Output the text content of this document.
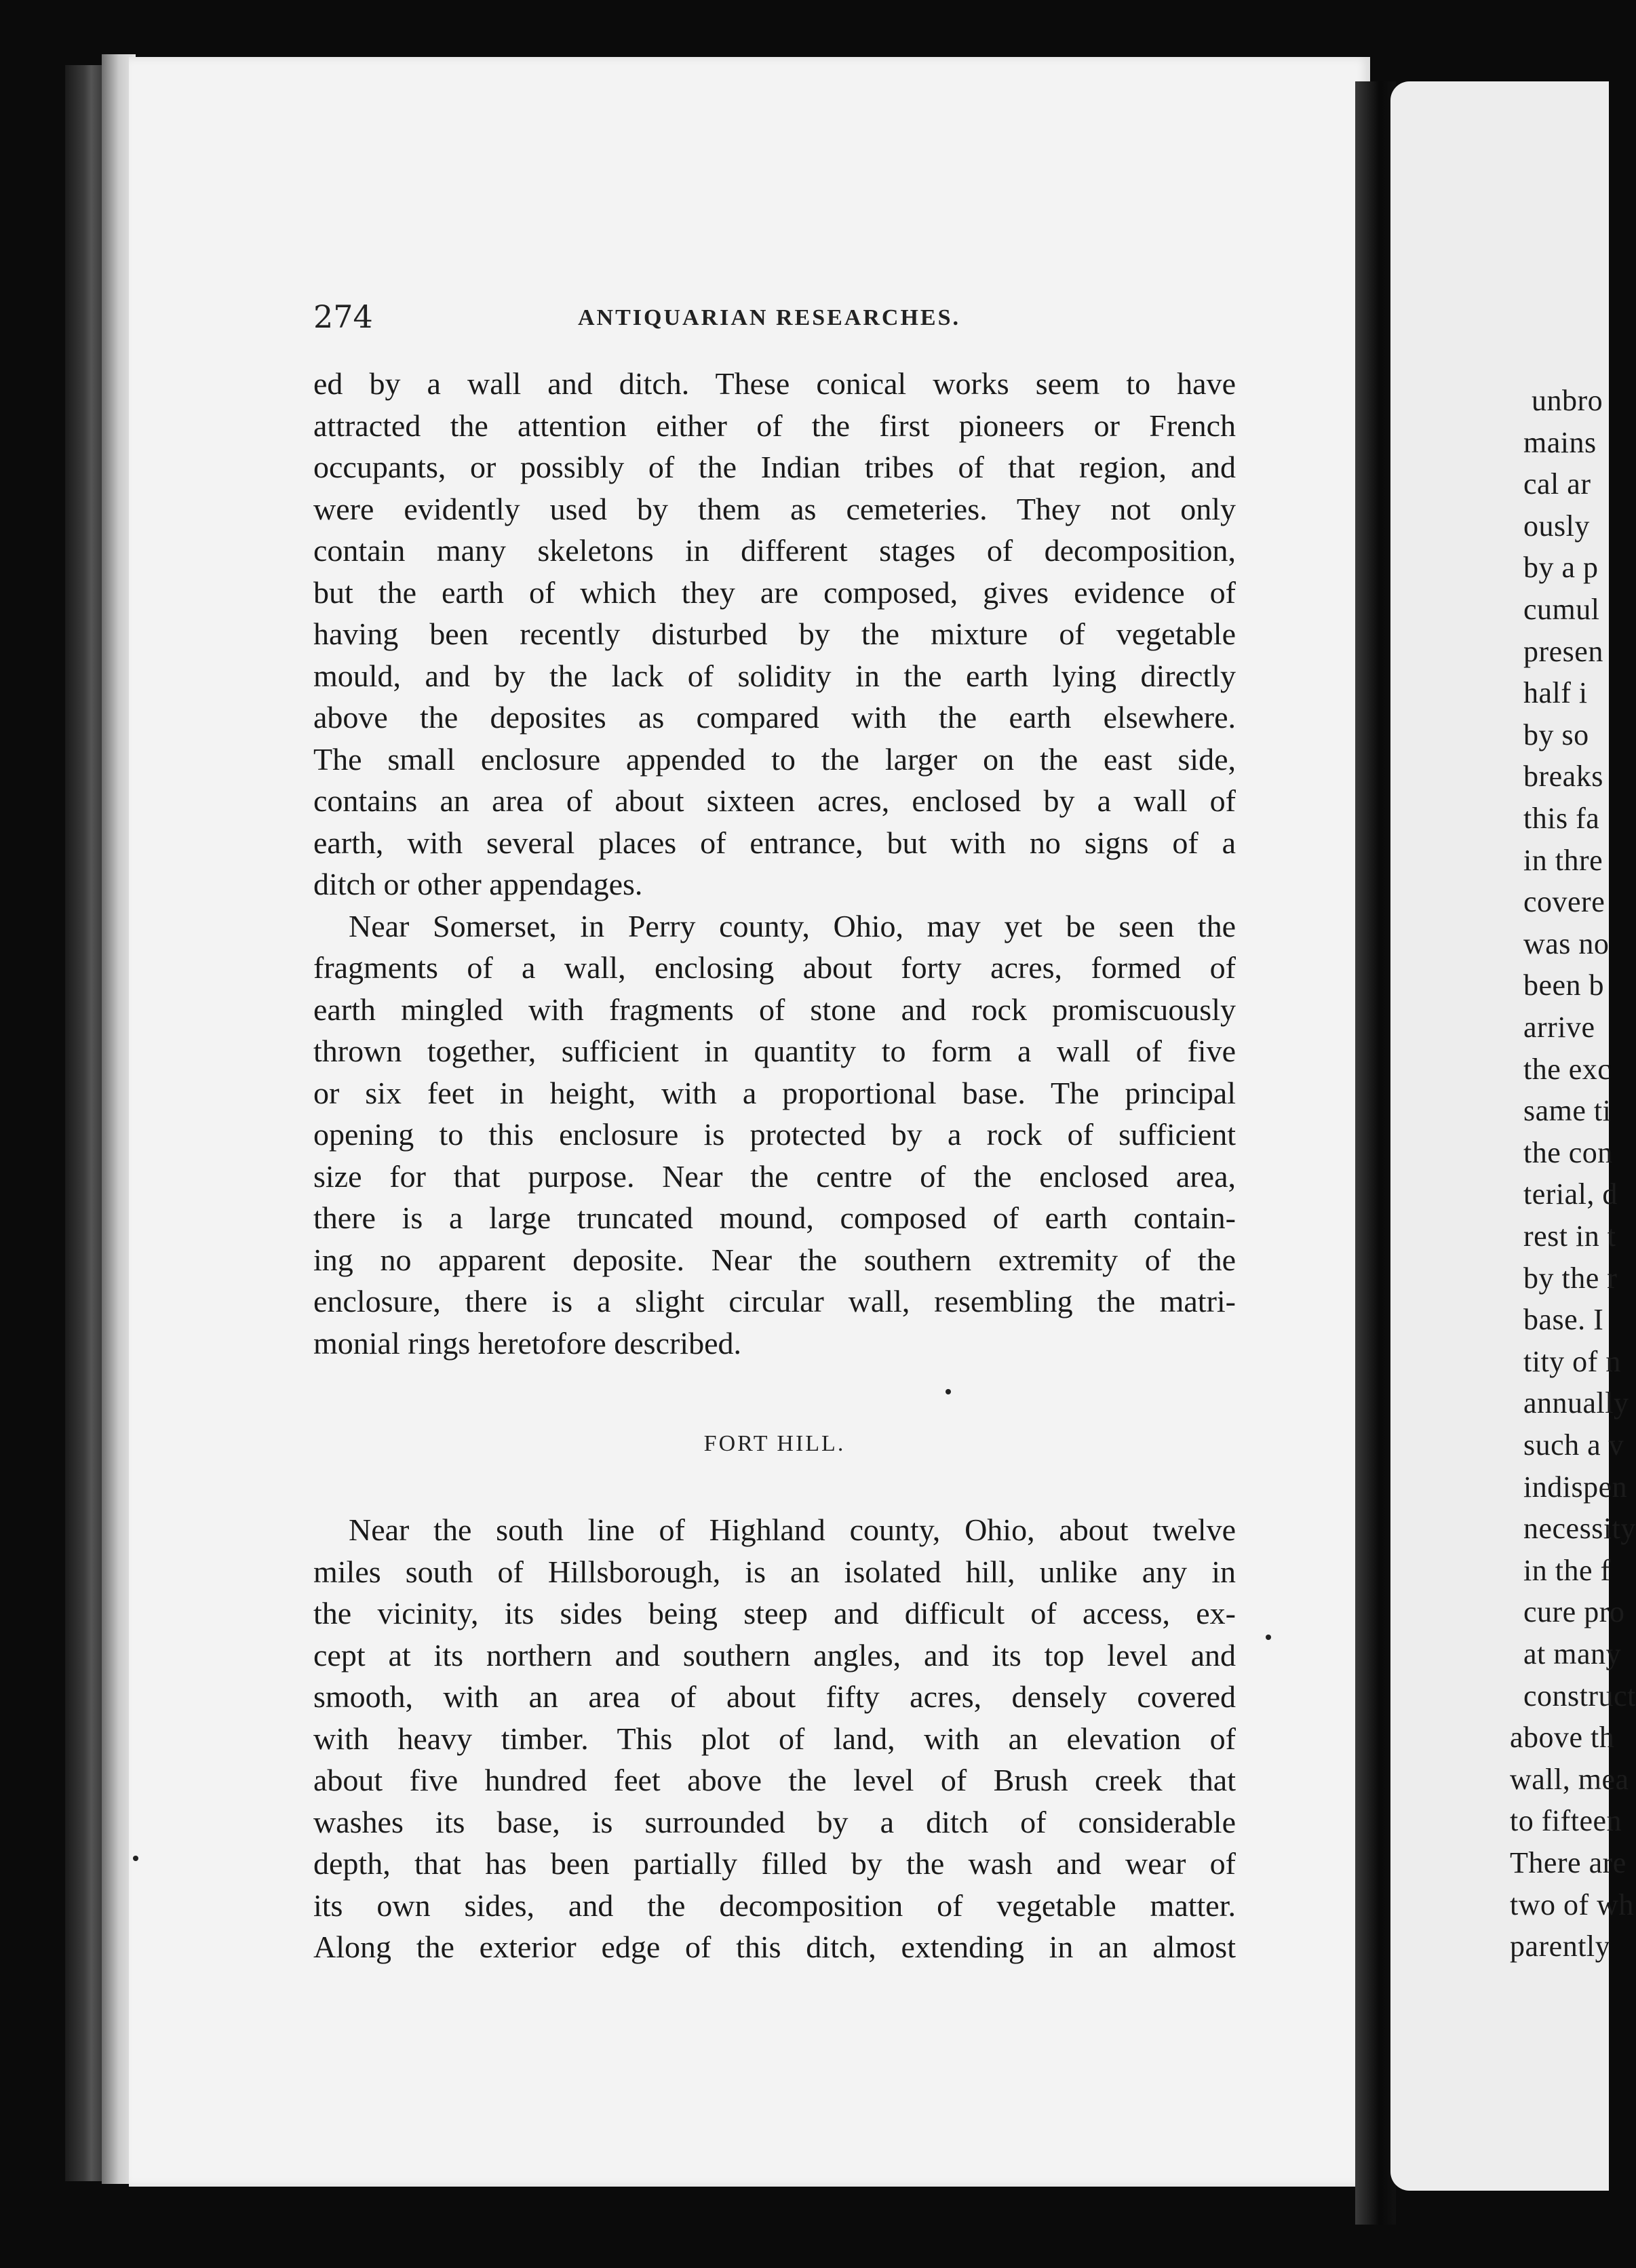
274	ANTIQUARIAN RESEARCHES.
ed by a wall and ditch. These conical works seem to have
attracted the attention either of the first pioneers or French
occupants, or possibly of the Indian tribes of that region, and
were evidently used by them as cemeteries. They not only
contain many skeletons in different stages of decomposition,
but the earth of which they are composed, gives evidence of
having been recently disturbed by the mixture of vegetable
mould, and by the lack of solidity in the earth lying directly
above the deposites as compared with the earth elsewhere.
The small enclosure appended to the larger on the east side,
contains an area of about sixteen acres, enclosed by a wall of
earth, with several places of entrance, but with no signs of a
ditch or other appendages.
Near Somerset, in Perry county, Ohio, may yet be seen the
fragments of a wall, enclosing about forty acres, formed of
earth mingled with fragments of stone and rock promiscuously
thrown together, sufficient in quantity to form a wall of five
or six feet in height, with a proportional base. The principal
opening to this enclosure is protected by a rock of sufficient
size for that purpose. Near the centre of the enclosed area,
there is a large truncated mound, composed of earth contain-
ing no apparent deposite. Near the southern extremity of the
enclosure, there is a slight circular wall, resembling the matri-
monial rings heretofore described.
FORT HILL.
Near the south line of Highland county, Ohio, about twelve
miles south of Hillsborough, is an isolated hill, unlike any in
the vicinity, its sides being steep and difficult of access, ex-
cept at its northern and southern angles, and its top level and
smooth, with an area of about fifty acres, densely covered
with heavy timber. This plot of land, with an elevation of
about five hundred feet above the level of Brush creek that
washes its base, is surrounded by a ditch of considerable
depth, that has been partially filled by the wash and wear of
its own sides, and the decomposition of vegetable matter.
Along the exterior edge of this ditch, extending in an almost
unbro
mains
cal ar
ously
by a p
cumul
presen
half i
by so
breaks
this fa
in thre
covere
was no
been b
arrive
the exc
same ti
the con
terial, d
rest in t
by the r
base. I
tity of n
annually
such a v
indispen
necessity
in the f
cure pro
at many
construct
above th
wall, mea
to fifteen
There are
two of wh
parently
